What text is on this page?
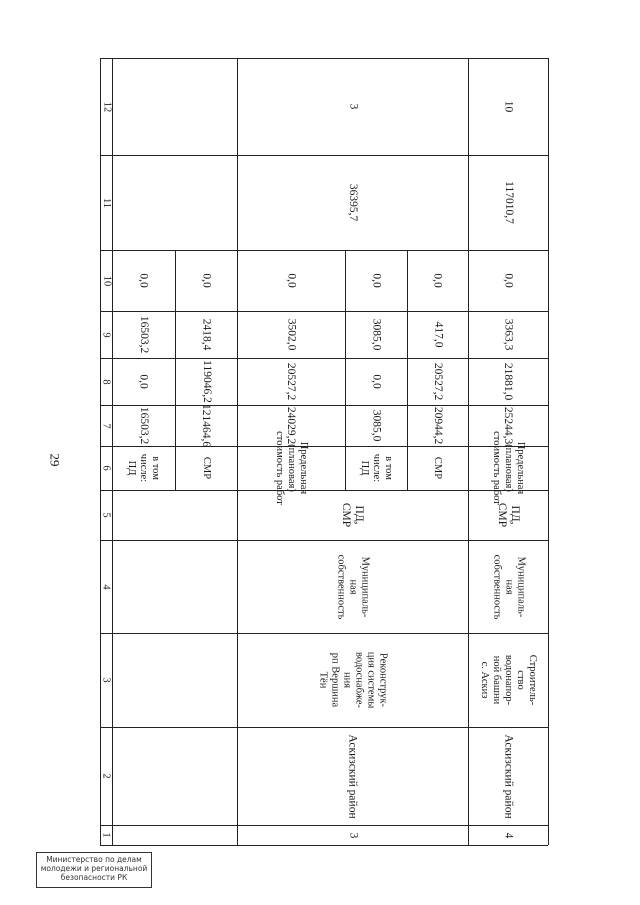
29
Министерство по делам
молодежи и региональной
безопасности РК
1
2
3
4
5
6
7
8
9
10
11
12
в том
числе:
ПД
16503,2
0,0
16503,2
0,0
СМР
121464,6
119046,2
2418,4
0,0
3
Аскизский район
Реконструк-
ция системы
водоснабже-
ния
рп Вершина
Тёи
Муниципаль-
ная
собственность
ПД,
СМР
Предельная
(плановая)
стоимость работ
24029,2
20527,2
3502,0
0,0
в том
числе:
ПД
3085,0
0,0
3085,0
0,0
СМР
20944,2
20527,2
417,0
0,0
36395,7
3
4
Аскизский район
Строитель-
ство
водонапор-
ной башни
с. Аскиз
Муниципаль-
ная
собственность
ПД,
СМР
Предельная
(плановая)
стоимость работ
25244,3
21881,0
3363,3
0,0
117010,7
10
